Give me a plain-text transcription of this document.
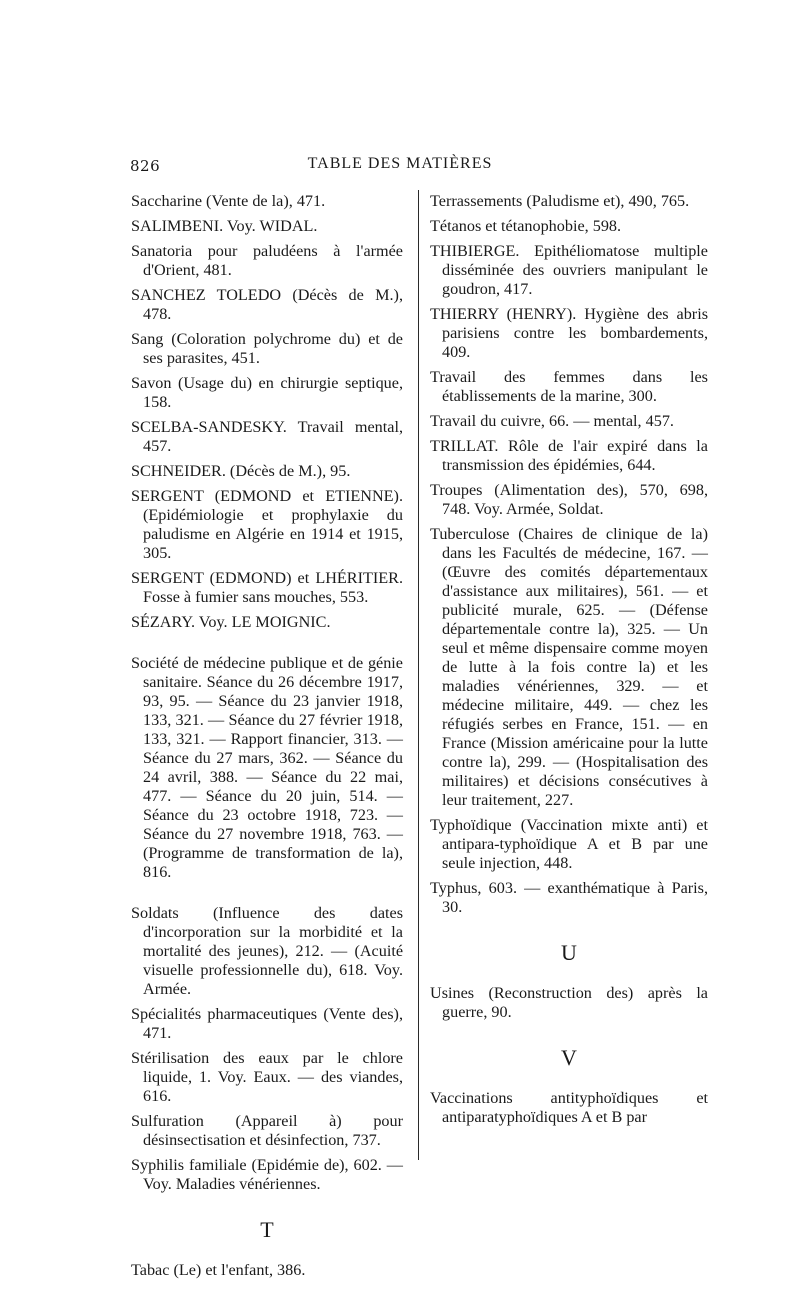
826	TABLE DES MATIÈRES

Saccharine (Vente de la), 471.

SALIMBENI. Voy. WIDAL.

Sanatoria pour paludéens à l'armée d'Orient, 481.

SANCHEZ TOLEDO (Décès de M.), 478.

Sang (Coloration polychrome du) et de ses parasites, 451.

Savon (Usage du) en chirurgie septique, 158.

SCELBA-SANDESKY. Travail mental, 457.

SCHNEIDER. (Décès de M.), 95.

SERGENT (EDMOND et ETIENNE). (Epidémiologie et prophylaxie du paludisme en Algérie en 1914 et 1915, 305.

SERGENT (EDMOND) et LHÉRITIER. Fosse à fumier sans mouches, 553.

SÉZARY. Voy. LE MOIGNIC.

Société de médecine publique et de génie sanitaire. Séance du 26 décembre 1917, 93, 95. — Séance du 23 janvier 1918, 133, 321. — Séance du 27 février 1918, 133, 321. — Rapport financier, 313. — Séance du 27 mars, 362. — Séance du 24 avril, 388. — Séance du 22 mai, 477. — Séance du 20 juin, 514. — Séance du 23 octobre 1918, 723. — Séance du 27 novembre 1918, 763. — (Programme de transformation de la), 816.

Soldats (Influence des dates d'incorporation sur la morbidité et la mortalité des jeunes), 212. — (Acuité visuelle professionnelle du), 618. Voy. Armée.

Spécialités pharmaceutiques (Vente des), 471.

Stérilisation des eaux par le chlore liquide, 1. Voy. Eaux. — des viandes, 616.

Sulfuration (Appareil à) pour désinsectisation et désinfection, 737.

Syphilis familiale (Epidémie de), 602. — Voy. Maladies vénériennes.

T

Tabac (Le) et l'enfant, 386.

Terrassements (Paludisme et), 490, 765.

Tétanos et tétanophobie, 598.

THIBIERGE. Epithéliomatose multiple disséminée des ouvriers manipulant le goudron, 417.

THIERRY (HENRY). Hygiène des abris parisiens contre les bombardements, 409.

Travail des femmes dans les établissements de la marine, 300.

Travail du cuivre, 66. — mental, 457.

TRILLAT. Rôle de l'air expiré dans la transmission des épidémies, 644.

Troupes (Alimentation des), 570, 698, 748. Voy. Armée, Soldat.

Tuberculose (Chaires de clinique de la) dans les Facultés de médecine, 167. — (Œuvre des comités départementaux d'assistance aux militaires), 561. — et publicité murale, 625. — (Défense départementale contre la), 325. — Un seul et même dispensaire comme moyen de lutte à la fois contre la) et les maladies vénériennes, 329. — et médecine militaire, 449. — chez les réfugiés serbes en France, 151. — en France (Mission américaine pour la lutte contre la), 299. — (Hospitalisation des militaires) et décisions consécutives à leur traitement, 227.

Typhoïdique (Vaccination mixte anti) et antipara-typhoïdique A et B par une seule injection, 448.

Typhus, 603. — exanthématique à Paris, 30.

U

Usines (Reconstruction des) après la guerre, 90.

V

Vaccinations antityphoïdiques et antiparatyphoïdiques A et B par
